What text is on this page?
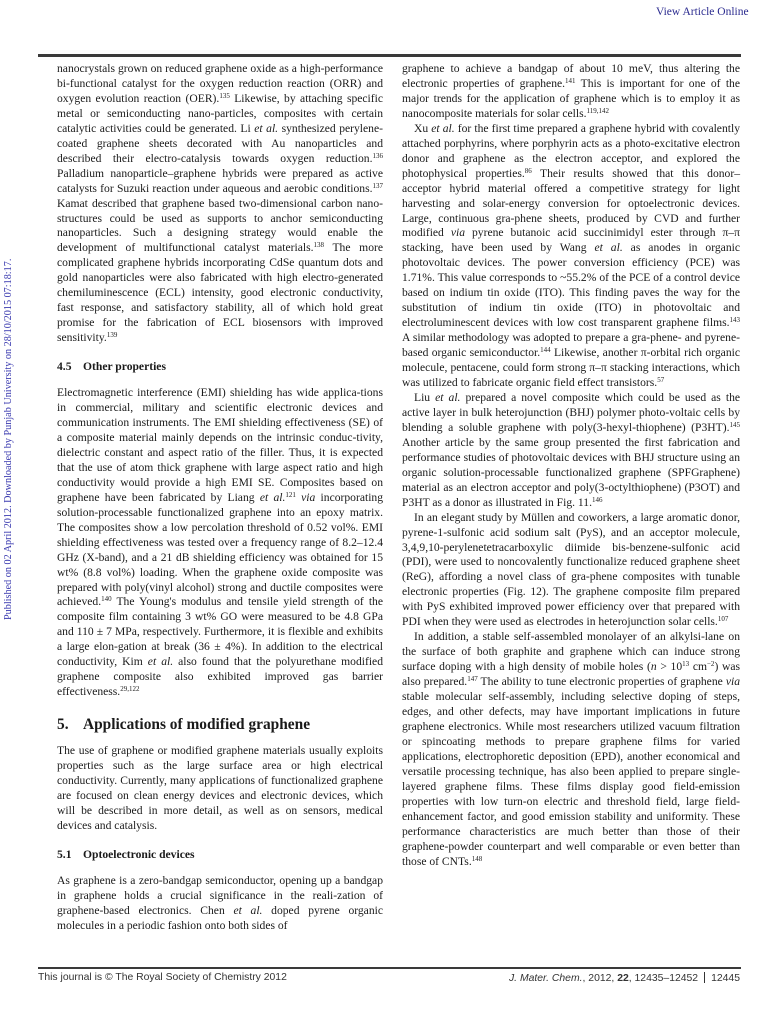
View Article Online
Published on 02 April 2012. Downloaded by Punjab University on 28/10/2015 07:18:17.

nanocrystals grown on reduced graphene oxide as a high-performance bi-functional catalyst for the oxygen reduction reaction (ORR) and oxygen evolution reaction (OER).$^{135}$ Likewise, by attaching specific metal or semiconducting nano-particles, composites with certain catalytic activities could be generated. Li et al. synthesized perylene-coated graphene sheets decorated with Au nanoparticles and described their electro-catalysis towards oxygen reduction.$^{136}$ Palladium nanoparticle–graphene hybrids were prepared as active catalysts for Suzuki reaction under aqueous and aerobic conditions.$^{137}$ Kamat described that graphene based two-dimensional carbon nano-structures could be used as supports to anchor semiconducting nanoparticles. Such a designing strategy would enable the development of multifunctional catalyst materials.$^{138}$ The more complicated graphene hybrids incorporating CdSe quantum dots and gold nanoparticles were also fabricated with high electro-generated chemiluminescence (ECL) intensity, good electronic conductivity, fast response, and satisfactory stability, all of which hold great promise for the fabrication of ECL biosensors with improved sensitivity.$^{139}$

4.5 Other properties

Electromagnetic interference (EMI) shielding has wide applica-tions in commercial, military and scientific electronic devices and communication instruments. The EMI shielding effectiveness (SE) of a composite material mainly depends on the intrinsic conduc-tivity, dielectric constant and aspect ratio of the filler. Thus, it is expected that the use of atom thick graphene with large aspect ratio and high conductivity would provide a high EMI SE. Composites based on graphene have been fabricated by Liang et al.$^{121}$ via incorporating solution-processable functionalized graphene into an epoxy matrix. The composites show a low percolation threshold of 0.52 vol%. EMI shielding effectiveness was tested over a frequency range of 8.2–12.4 GHz (X-band), and a 21 dB shielding efficiency was obtained for 15 wt% (8.8 vol%) loading. When the graphene oxide composite was prepared with poly(vinyl alcohol) strong and ductile composites were achieved.$^{140}$ The Young's modulus and tensile yield strength of the composite film containing 3 wt% GO were measured to be 4.8 GPa and 110 ± 7 MPa, respectively. Furthermore, it is flexible and exhibits a large elon-gation at break (36 ± 4%). In addition to the electrical conductivity, Kim et al. also found that the polyurethane modified graphene composite also exhibited improved gas barrier effectiveness.$^{29,122}$

5. Applications of modified graphene

The use of graphene or modified graphene materials usually exploits properties such as the large surface area or high electrical conductivity. Currently, many applications of functionalized graphene are focused on clean energy devices and electronic devices, which will be described in more detail, as well as on sensors, medical devices and catalysis.

5.1 Optoelectronic devices

As graphene is a zero-bandgap semiconductor, opening up a bandgap in graphene holds a crucial significance in the reali-zation of graphene-based electronics. Chen et al. doped pyrene organic molecules in a periodic fashion onto both sides of

graphene to achieve a bandgap of about 10 meV, thus altering the electronic properties of graphene.$^{141}$ This is important for one of the major trends for the application of graphene which is to employ it as nanocomposite materials for solar cells.$^{119,142}$

Xu et al. for the first time prepared a graphene hybrid with covalently attached porphyrins, where porphyrin acts as a photo-excitative electron donor and graphene as the electron acceptor, and explored the photophysical properties.$^{86}$ Their results showed that this donor–acceptor hybrid material offered a competitive strategy for light harvesting and solar-energy conversion for optoelectronic devices. Large, continuous gra-phene sheets, produced by CVD and further modified via pyrene butanoic acid succinimidyl ester through π–π stacking, have been used by Wang et al. as anodes in organic photovoltaic devices. The power conversion efficiency (PCE) was 1.71%. This value corresponds to ~55.2% of the PCE of a control device based on indium tin oxide (ITO). This finding paves the way for the substitution of indium tin oxide (ITO) in photovoltaic and electroluminescent devices with low cost transparent graphene films.$^{143}$ A similar methodology was adopted to prepare a gra-phene- and pyrene-based organic semiconductor.$^{144}$ Likewise, another π-orbital rich organic molecule, pentacene, could form strong π–π stacking interactions, which was utilized to fabricate organic field effect transistors.$^{57}$

Liu et al. prepared a novel composite which could be used as the active layer in bulk heterojunction (BHJ) polymer photo-voltaic cells by blending a soluble graphene with poly(3-hexyl-thiophene) (P3HT).$^{145}$ Another article by the same group presented the first fabrication and performance studies of photovoltaic devices with BHJ structure using an organic solution-processable functionalized graphene (SPFGraphene) material as an electron acceptor and poly(3-octylthiophene) (P3OT) and P3HT as a donor as illustrated in Fig. 11.$^{146}$

In an elegant study by Müllen and coworkers, a large aromatic donor, pyrene-1-sulfonic acid sodium salt (PyS), and an acceptor molecule, 3,4,9,10-perylenetetracarboxylic diimide bis-benzene-sulfonic acid (PDI), were used to noncovalently functionalize reduced graphene sheet (ReG), affording a novel class of gra-phene composites with tunable electronic properties (Fig. 12). The graphene composite film prepared with PyS exhibited improved power efficiency over that prepared with PDI when they were used as electrodes in heterojunction solar cells.$^{107}$

In addition, a stable self-assembled monolayer of an alkylsi-lane on the surface of both graphite and graphene which can induce strong surface doping with a high density of mobile holes ($n > 10^{13}$ $cm^{-2}$) was also prepared.$^{147}$ The ability to tune electronic properties of graphene via stable molecular self-assembly, including selective doping of steps, edges, and other defects, may have important implications in future graphene electronics. While most researchers utilized vacuum filtration or spincoating methods to prepare graphene films for varied applications, electrophoretic deposition (EPD), another economical and versatile processing technique, has also been applied to prepare single-layered graphene films. These films display good field-emission properties with low turn-on electric and threshold field, large field-enhancement factor, and good emission stability and uniformity. These performance characteristics are much better than those of their graphene-powder counterpart and well comparable or even better than those of CNTs.$^{148}$

This journal is © The Royal Society of Chemistry 2012	J. Mater. Chem., 2012, 22, 12435–12452 12445
